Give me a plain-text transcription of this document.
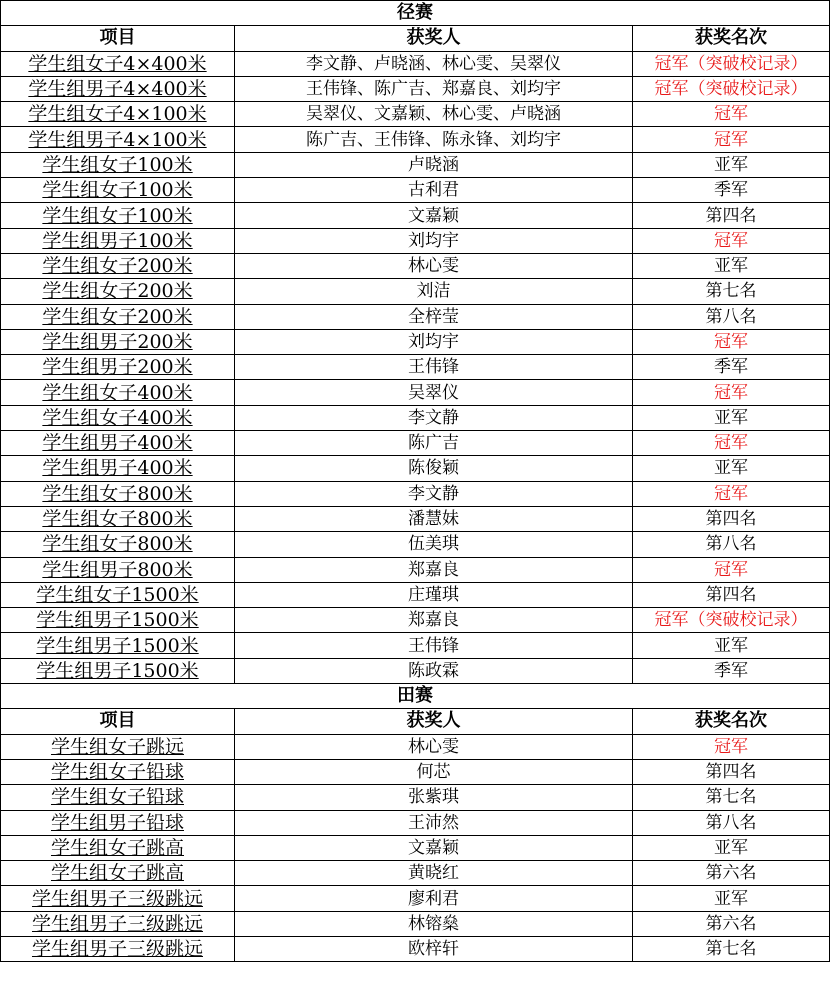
径赛		
项目	获奖人	获奖名次
学生组女子4×400米	李文静、卢晓涵、林心雯、吴翠仪	冠军（突破校记录）
学生组男子4×400米	王伟锋、陈广吉、郑嘉良、刘均宇	冠军（突破校记录）
学生组女子4×100米	吴翠仪、文嘉颖、林心雯、卢晓涵	冠军
学生组男子4×100米	陈广吉、王伟锋、陈永锋、刘均宇	冠军
学生组女子100米	卢晓涵	亚军
学生组女子100米	古利君	季军
学生组女子100米	文嘉颖	第四名
学生组男子100米	刘均宇	冠军
学生组女子200米	林心雯	亚军
学生组女子200米	刘洁	第七名
学生组女子200米	全梓莹	第八名
学生组男子200米	刘均宇	冠军
学生组男子200米	王伟锋	季军
学生组女子400米	吴翠仪	冠军
学生组女子400米	李文静	亚军
学生组男子400米	陈广吉	冠军
学生组男子400米	陈俊颖	亚军
学生组女子800米	李文静	冠军
学生组女子800米	潘慧妹	第四名
学生组女子800米	伍美琪	第八名
学生组男子800米	郑嘉良	冠军
学生组女子1500米	庄瑾琪	第四名
学生组男子1500米	郑嘉良	冠军（突破校记录）
学生组男子1500米	王伟锋	亚军
学生组男子1500米	陈政霖	季军
田赛		
项目	获奖人	获奖名次
学生组女子跳远	林心雯	冠军
学生组女子铅球	何芯	第四名
学生组女子铅球	张紫琪	第七名
学生组男子铅球	王沛然	第八名
学生组女子跳高	文嘉颖	亚军
学生组女子跳高	黄晓红	第六名
学生组男子三级跳远	廖利君	亚军
学生组男子三级跳远	林镕燊	第六名
学生组男子三级跳远	欧梓轩	第七名
